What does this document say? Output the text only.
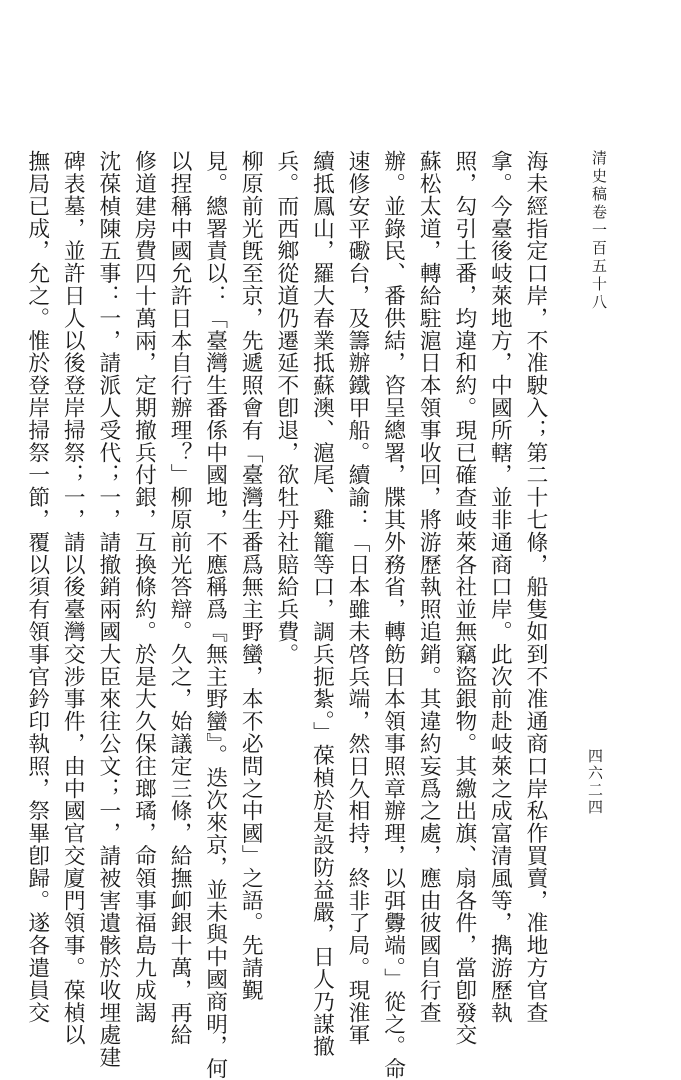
清史稿卷一百五十八
四六二四

海未經指定口岸，不准駛入；第二十七條，船隻如到不准通商口岸私作買賣，准地方官查

拿。今臺後岐萊地方，中國所轄，並非通商口岸。此次前赴岐萊之成富清風等，擕游歷執

照，勾引土番，均違和約。現已確查岐萊各社並無竊盜銀物。其繳出旗、扇各件，當卽發交

蘇松太道，轉給駐滬日本領事收回，將游歷執照追銷。其違約妄爲之處，應由彼國自行查

辦。並錄民、番供結，咨呈總署，牒其外務省，轉飭日本領事照章辦理，以弭釁端。」從之。命

速修安平礮台，及籌辦鐵甲船。續諭：「日本雖未啓兵端，然日久相持，終非了局。現淮軍

續抵鳳山，羅大春業抵蘇澳、滬尾、雞籠等口，調兵扼紮。」葆楨於是設防益嚴，日人乃謀撤

兵。而西鄉從道仍遷延不卽退，欲牡丹社賠給兵費。

柳原前光旣至京，先遞照會有「臺灣生番爲無主野蠻，本不必問之中國」之語。先請覲

見。總署責以：「臺灣生番係中國地，不應稱爲『無主野蠻』。迭次來京，並未與中國商明，何

以捏稱中國允許日本自行辦理？」柳原前光答辯。久之，始議定三條，給撫卹銀十萬，再給

修道建房費四十萬兩，定期撤兵付銀，互換條約。於是大久保往瑯璚，命領事福島九成謁

沈葆楨陳五事：一，請派人受代；一，請撤銷兩國大臣來往公文；一，請被害遺骸於收埋處建

碑表墓，並許日人以後登岸掃祭；一，請以後臺灣交涉事件，由中國官交廈門領事。葆楨以

撫局已成，允之。惟於登岸掃祭一節，覆以須有領事官鈐印執照，祭畢卽歸。遂各遣員交
